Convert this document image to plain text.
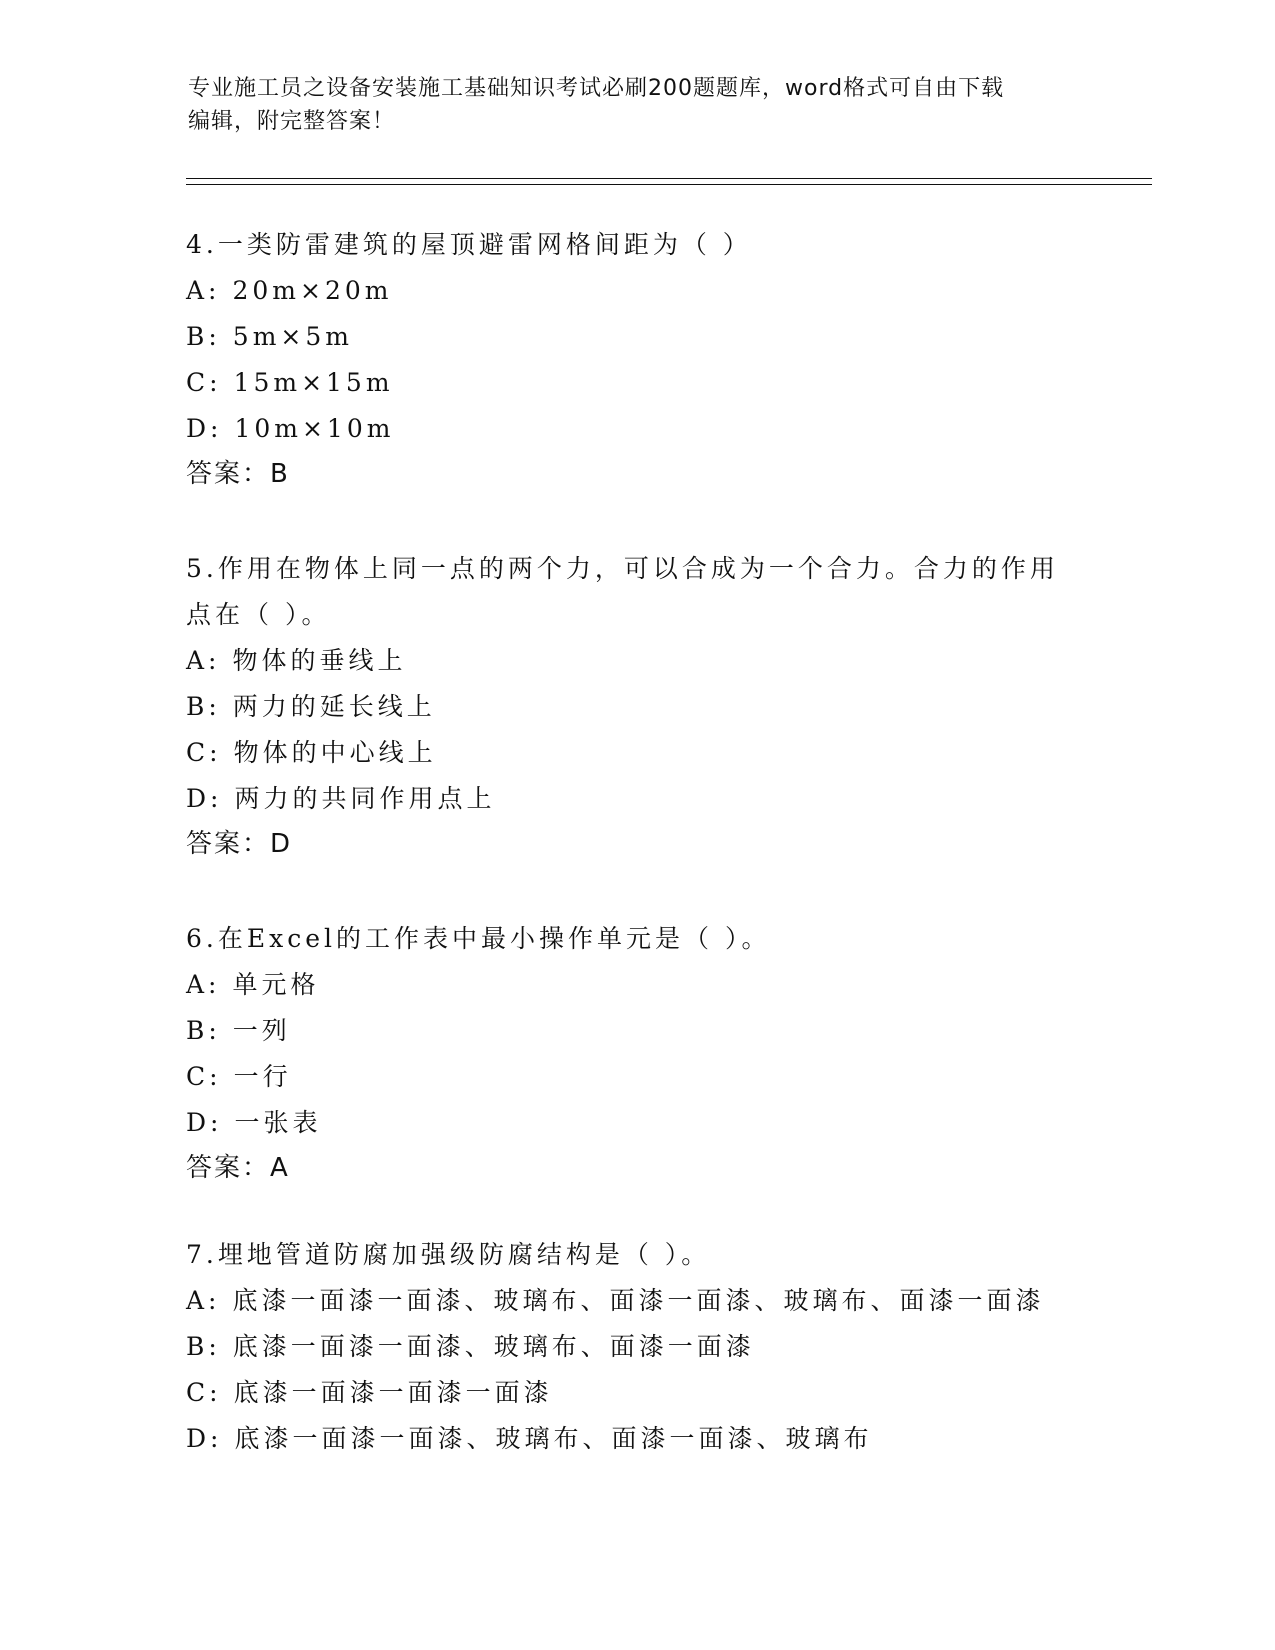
专业施工员之设备安装施工基础知识考试必刷200题题库，word格式可自由下载
编辑，附完整答案！

4.一类防雷建筑的屋顶避雷网格间距为（ ）

A: 20m×20m

B: 5m×5m

C: 15m×15m

D: 10m×10m

答案：B

5.作用在物体上同一点的两个力，可以合成为一个合力。合力的作用点在（ ）。

A: 物体的垂线上

B: 两力的延长线上

C: 物体的中心线上

D: 两力的共同作用点上

答案：D

6.在Excel的工作表中最小操作单元是（ ）。

A: 单元格

B: 一列

C: 一行

D: 一张表

答案：A

7.埋地管道防腐加强级防腐结构是（ ）。

A: 底漆一面漆一面漆、玻璃布、面漆一面漆、玻璃布、面漆一面漆

B: 底漆一面漆一面漆、玻璃布、面漆一面漆

C: 底漆一面漆一面漆一面漆

D: 底漆一面漆一面漆、玻璃布、面漆一面漆、玻璃布
